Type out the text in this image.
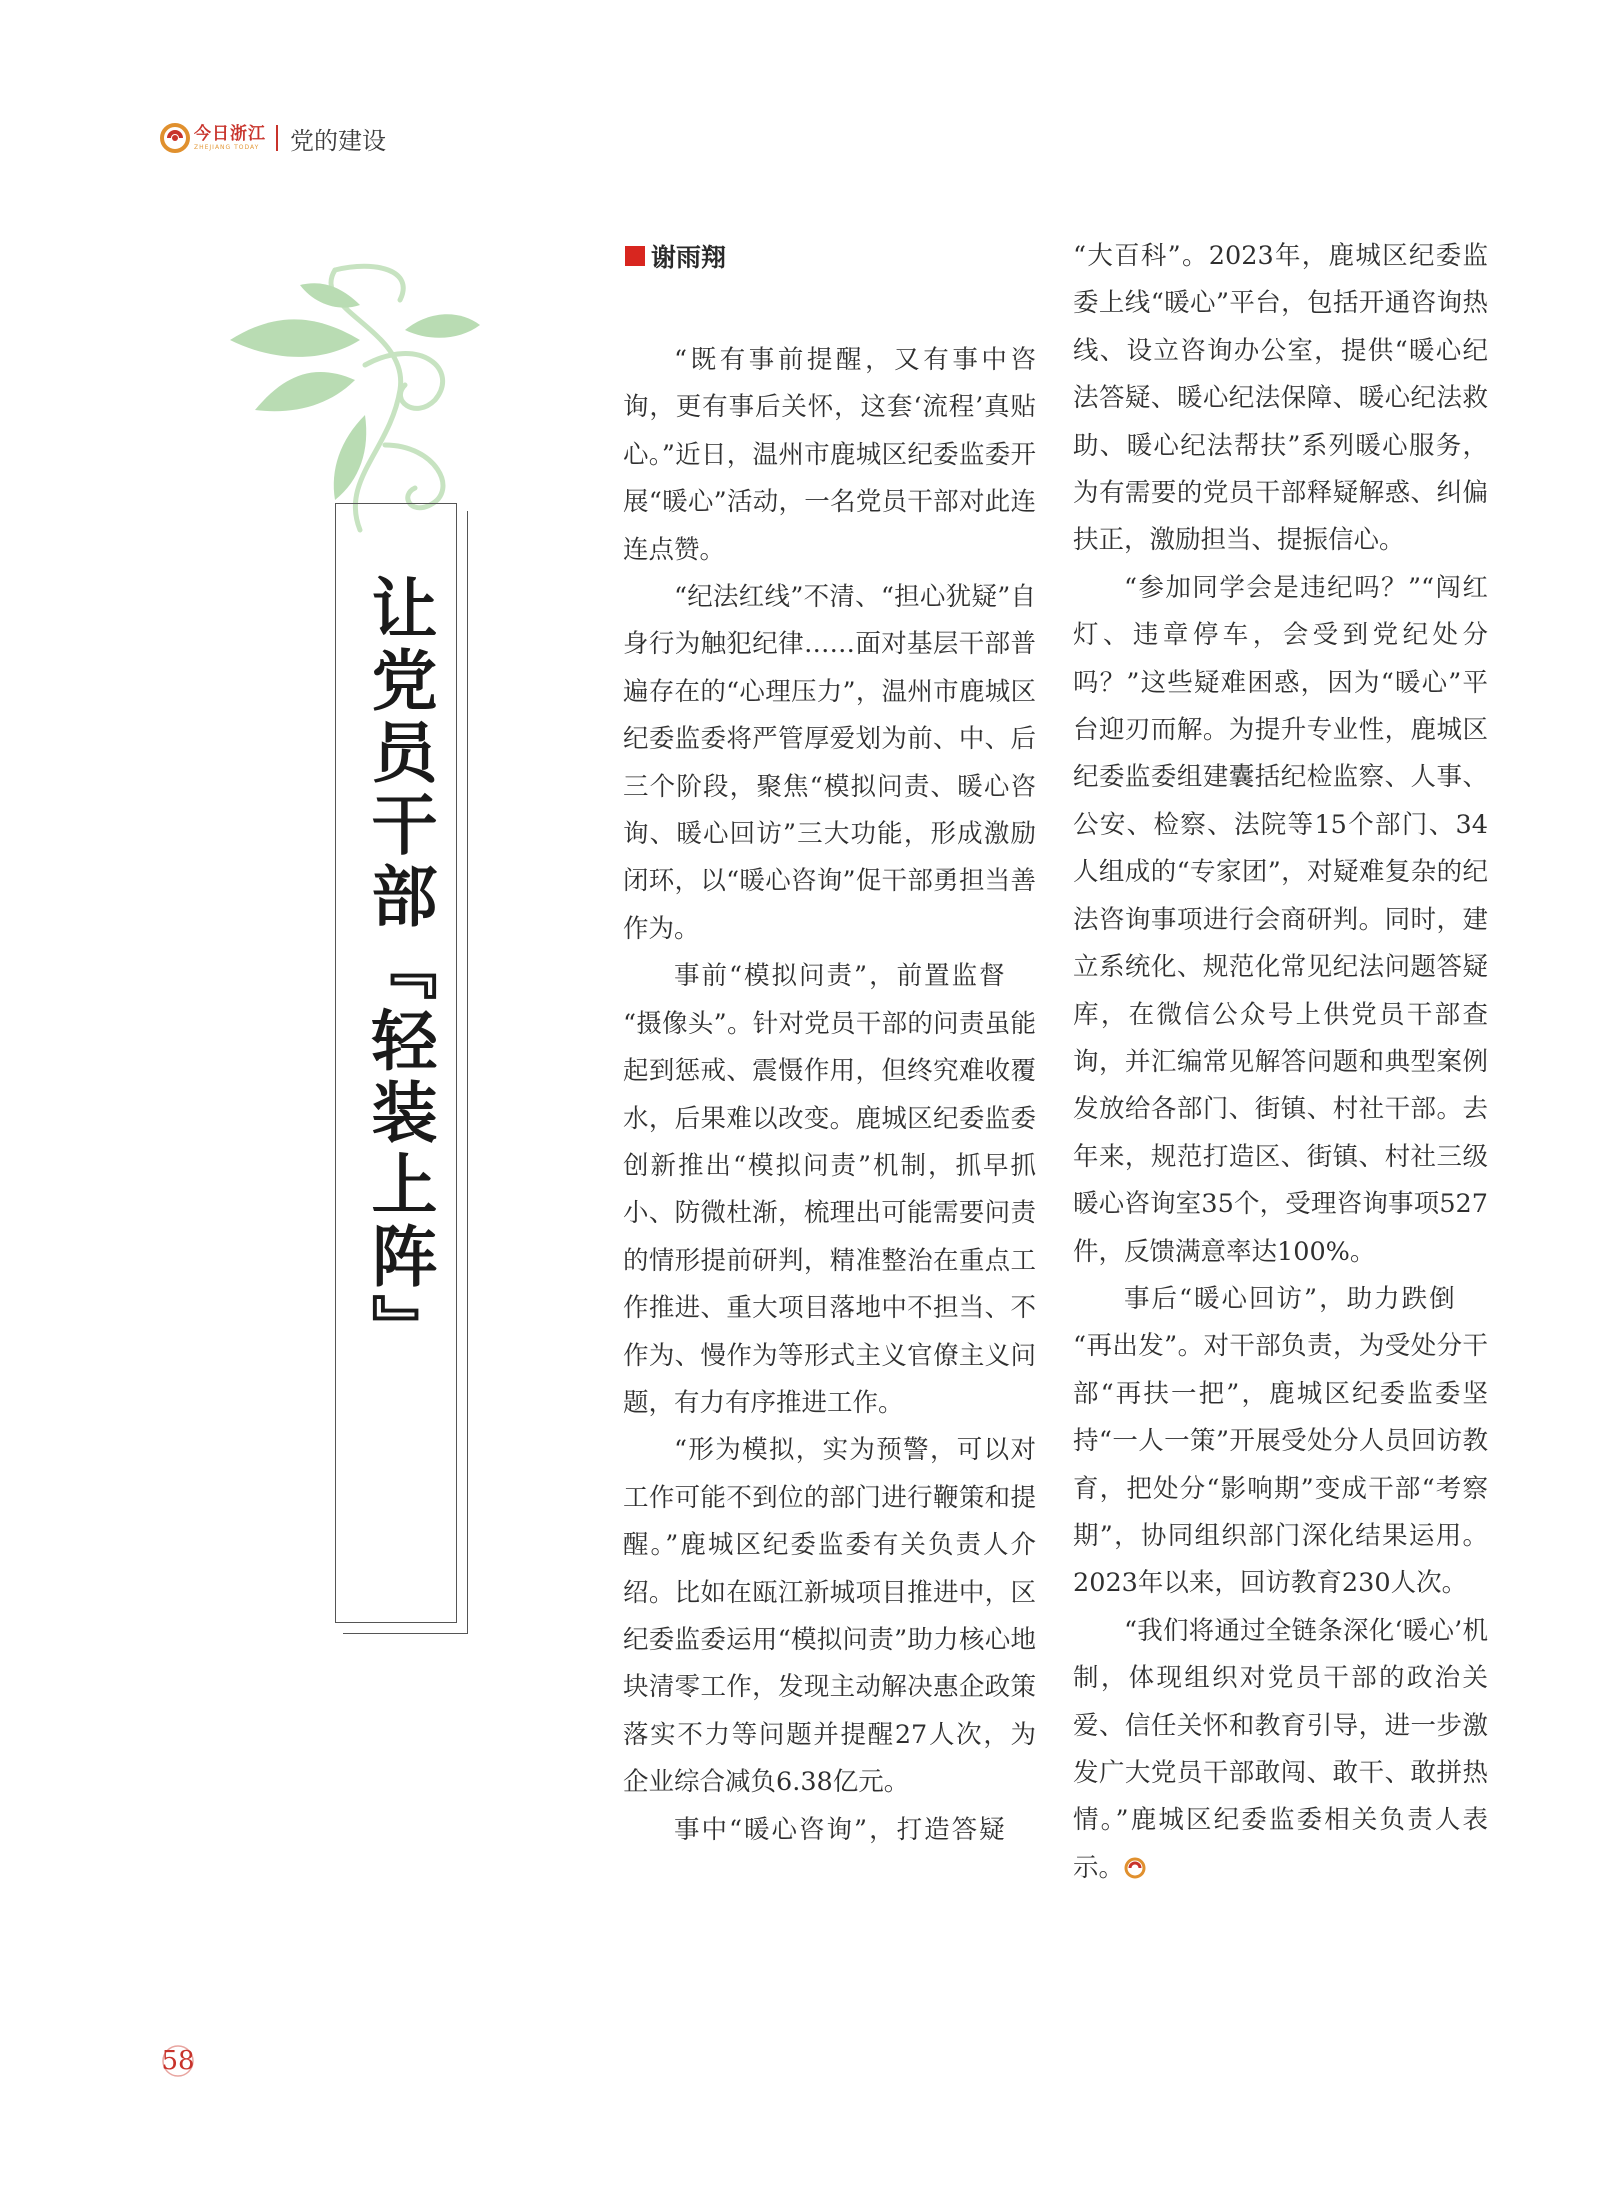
今日浙江
ZHEJIANG TODAY 党的建设
让党员干部『轻装上阵』
谢雨翔

“既有事前提醒，又有事中咨询，更有事后关怀，这套‘流程’真贴心。”近日，温州市鹿城区纪委监委开展“暖心”活动，一名党员干部对此连连点赞。

“纪法红线”不清、“担心犹疑”自身行为触犯纪律……面对基层干部普遍存在的“心理压力”，温州市鹿城区纪委监委将严管厚爱划为前、中、后三个阶段，聚焦“模拟问责、暖心咨询、暖心回访”三大功能，形成激励闭环，以“暖心咨询”促干部勇担当善作为。

事前“模拟问责”，前置监督

“摄像头”。针对党员干部的问责虽能起到惩戒、震慑作用，但终究难收覆水，后果难以改变。鹿城区纪委监委创新推出“模拟问责”机制，抓早抓小、防微杜渐，梳理出可能需要问责的情形提前研判，精准整治在重点工作推进、重大项目落地中不担当、不作为、慢作为等形式主义官僚主义问题，有力有序推进工作。

“形为模拟，实为预警，可以对工作可能不到位的部门进行鞭策和提醒。”鹿城区纪委监委有关负责人介绍。比如在瓯江新城项目推进中，区纪委监委运用“模拟问责”助力核心地块清零工作，发现主动解决惠企政策落实不力等问题并提醒27人次，为企业综合减负6.38亿元。

事中“暖心咨询”，打造答疑

“大百科”。2023年，鹿城区纪委监委上线“暖心”平台，包括开通咨询热线、设立咨询办公室，提供“暖心纪法答疑、暖心纪法保障、暖心纪法救助、暖心纪法帮扶”系列暖心服务，为有需要的党员干部释疑解惑、纠偏扶正，激励担当、提振信心。

“参加同学会是违纪吗？”“闯红灯、违章停车，会受到党纪处分吗？”这些疑难困惑，因为“暖心”平台迎刃而解。为提升专业性，鹿城区纪委监委组建囊括纪检监察、人事、公安、检察、法院等15个部门、34人组成的“专家团”，对疑难复杂的纪法咨询事项进行会商研判。同时，建立系统化、规范化常见纪法问题答疑库，在微信公众号上供党员干部查询，并汇编常见解答问题和典型案例发放给各部门、街镇、村社干部。去年来，规范打造区、街镇、村社三级暖心咨询室35个，受理咨询事项527件，反馈满意率达100%。

事后“暖心回访”，助力跌倒

“再出发”。对干部负责，为受处分干部“再扶一把”，鹿城区纪委监委坚持“一人一策”开展受处分人员回访教育，把处分“影响期”变成干部“考察期”，协同组织部门深化结果运用。2023年以来，回访教育230人次。

“我们将通过全链条深化‘暖心’机制，体现组织对党员干部的政治关爱、信任关怀和教育引导，进一步激发广大党员干部敢闯、敢干、敢拼热情。”鹿城区纪委监委相关负责人表示。

58
